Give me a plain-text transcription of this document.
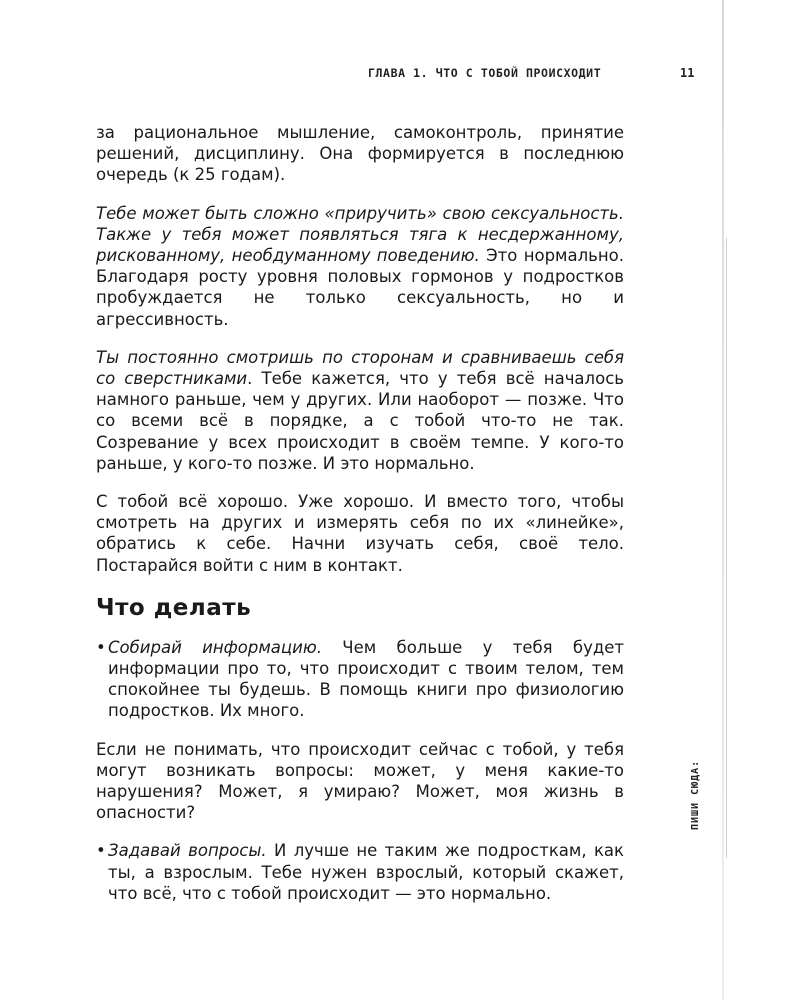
ПИШИ СЮДА:
ГЛАВА 1. ЧТО С ТОБОЙ ПРОИСХОДИТ	11

за рациональное мышление, самоконтроль, принятие решений, дисциплину. Она формируется в последнюю очередь (к 25 годам).

Тебе может быть сложно «приручить» свою сексуальность. Также у тебя может появляться тяга к несдержанному, рискованному, необдуманному поведению. Это нормально. Благодаря росту уровня половых гормонов у подростков пробуждается не только сексуальность, но и агрессивность.

Ты постоянно смотришь по сторонам и сравниваешь себя со сверстниками. Тебе кажется, что у тебя всё началось намного раньше, чем у других. Или наоборот — позже. Что со всеми всё в порядке, а с тобой что-то не так. Созревание у всех происходит в своём темпе. У кого-то раньше, у кого-то позже. И это нормально.

С тобой всё хорошо. Уже хорошо. И вместо того, чтобы смотреть на других и измерять себя по их «линейке», обратись к себе. Начни изучать себя, своё тело. Постарайся войти с ним в контакт.

Что делать
• Собирай информацию. Чем больше у тебя будет информации про то, что происходит с твоим телом, тем спокойнее ты будешь. В помощь книги про физиологию подростков. Их много.

Если не понимать, что происходит сейчас с тобой, у тебя могут возникать вопросы: может, у меня какие-то нарушения? Может, я умираю? Может, моя жизнь в опасности?

• Задавай вопросы. И лучше не таким же подросткам, как ты, а взрослым. Тебе нужен взрослый, который скажет, что всё, что с тобой происходит — это нормально.
